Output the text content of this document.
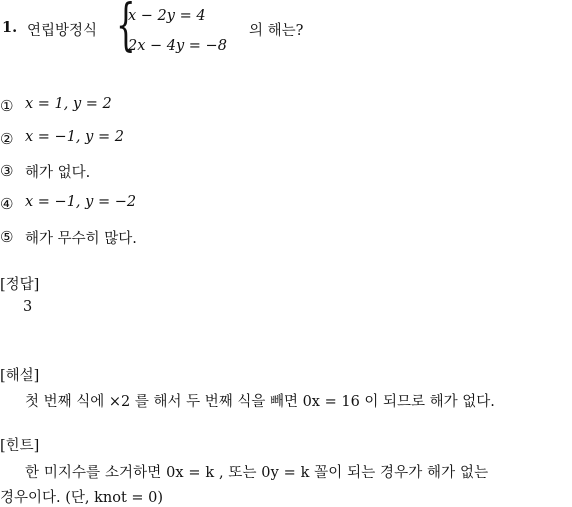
1. 연립방정식 {
x − 2y = 4
2x − 4y = −8
의 해는?
① x = 1, y = 2
② x = −1, y = 2
③ 해가 없다.
④ x = −1, y = −2
⑤ 해가 무수히 많다.
[정답]
3
[해설]
첫 번째 식에 ×2 를 해서 두 번째 식을 빼면 0x = 16 이 되므로 해가 없다.
[힌트]
한 미지수를 소거하면 0x = k , 또는 0y = k 꼴이 되는 경우가 해가 없는
경우이다. (단, knot = 0)
